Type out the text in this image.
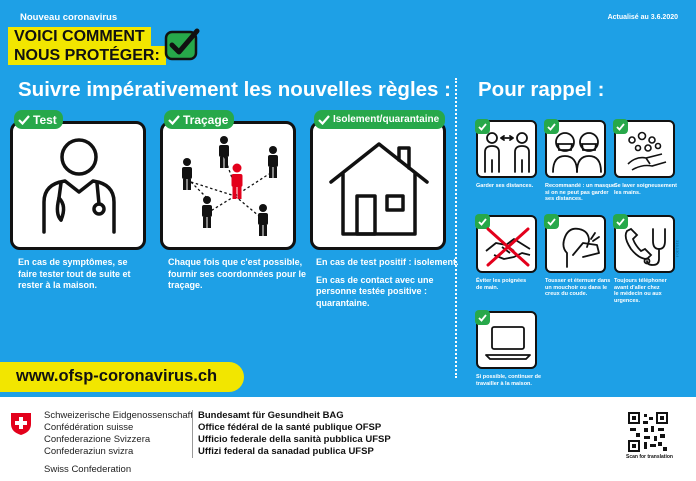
Nouveau coronavirus	Actualisé au 3.6.2020
VOICI COMMENT
NOUS PROTÉGER:
Suivre impérativement les nouvelles règles :
Test
En cas de symptômes, se
faire tester tout de suite et
rester à la maison.
Traçage
Chaque fois que c'est possible,
fournir ses coordonnées pour le
traçage.
Isolement/quarantaine
En cas de test positif : isolement.
En cas de contact avec une
personne testée positive :
quarantaine.
Pour rappel :
Garder ses distances. Recommandé : un masque
si on ne peut pas garder
ses distances.
Se laver soigneusement
les mains.
Éviter les poignées
de main.
Tousser et éternuer dans
un mouchoir ou dans le
creux du coude.
Toujours téléphoner
avant d'aller chez
le médecin ou aux
urgences.
Si possible, continuer de
travailler à la maison.
316.130.f
www.ofsp-coronavirus.ch
Schweizerische Eidgenossenschaft
Confédération suisse
Confederazione Svizzera
Confederaziun svizra
Swiss Confederation
Bundesamt für Gesundheit BAG
Office fédéral de la santé publique OFSP
Ufficio federale della sanità pubblica UFSP
Uffizi federal da sanadad publica UFSP	Scan for translation
